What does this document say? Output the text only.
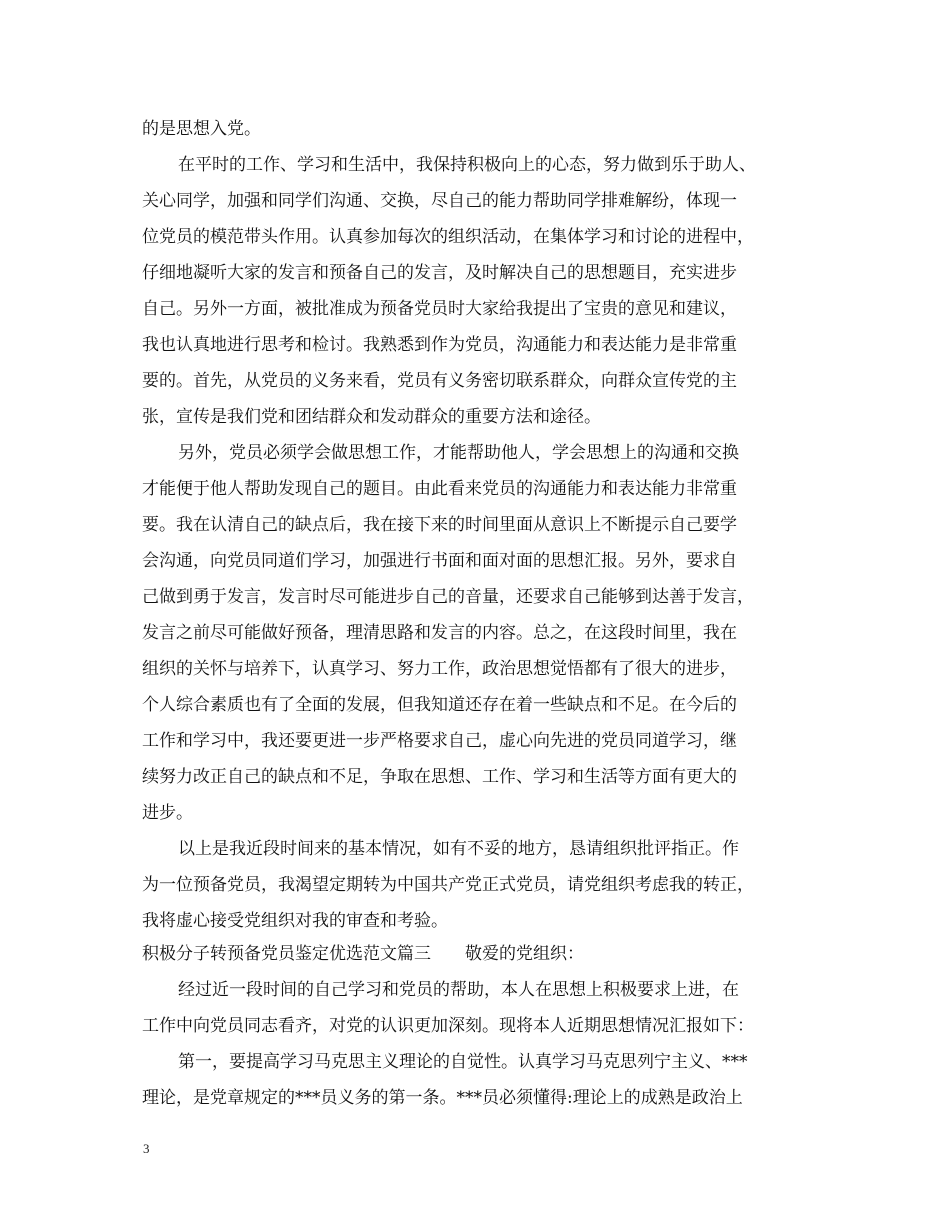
的是思想入党。
在平时的工作、学习和生活中，我保持积极向上的心态，努力做到乐于助人、
关心同学，加强和同学们沟通、交换，尽自己的能力帮助同学排难解纷，体现一
位党员的模范带头作用。认真参加每次的组织活动，在集体学习和讨论的进程中，
仔细地凝听大家的发言和预备自己的发言，及时解决自己的思想题目，充实进步
自己。另外一方面，被批准成为预备党员时大家给我提出了宝贵的意见和建议，
我也认真地进行思考和检讨。我熟悉到作为党员，沟通能力和表达能力是非常重
要的。首先，从党员的义务来看，党员有义务密切联系群众，向群众宣传党的主
张，宣传是我们党和团结群众和发动群众的重要方法和途径。
另外，党员必须学会做思想工作，才能帮助他人，学会思想上的沟通和交换
才能便于他人帮助发现自己的题目。由此看来党员的沟通能力和表达能力非常重
要。我在认清自己的缺点后，我在接下来的时间里面从意识上不断提示自己要学
会沟通，向党员同道们学习，加强进行书面和面对面的思想汇报。另外，要求自
己做到勇于发言，发言时尽可能进步自己的音量，还要求自己能够到达善于发言，
发言之前尽可能做好预备，理清思路和发言的内容。总之，在这段时间里，我在
组织的关怀与培养下，认真学习、努力工作，政治思想觉悟都有了很大的进步，
个人综合素质也有了全面的发展，但我知道还存在着一些缺点和不足。在今后的
工作和学习中，我还要更进一步严格要求自己，虚心向先进的党员同道学习，继
续努力改正自己的缺点和不足，争取在思想、工作、学习和生活等方面有更大的
进步。
以上是我近段时间来的基本情况，如有不妥的地方，恳请组织批评指正。作
为一位预备党员，我渴望定期转为中国共产党正式党员，请党组织考虑我的转正，
我将虚心接受党组织对我的审查和考验。
积极分子转预备党员鉴定优选范文篇三　　敬爱的党组织：
经过近一段时间的自己学习和党员的帮助，本人在思想上积极要求上进，在
工作中向党员同志看齐，对党的认识更加深刻。现将本人近期思想情况汇报如下：
第一，要提高学习马克思主义理论的自觉性。认真学习马克思列宁主义、***
理论，是党章规定的***员义务的第一条。***员必须懂得:理论上的成熟是政治上
3
